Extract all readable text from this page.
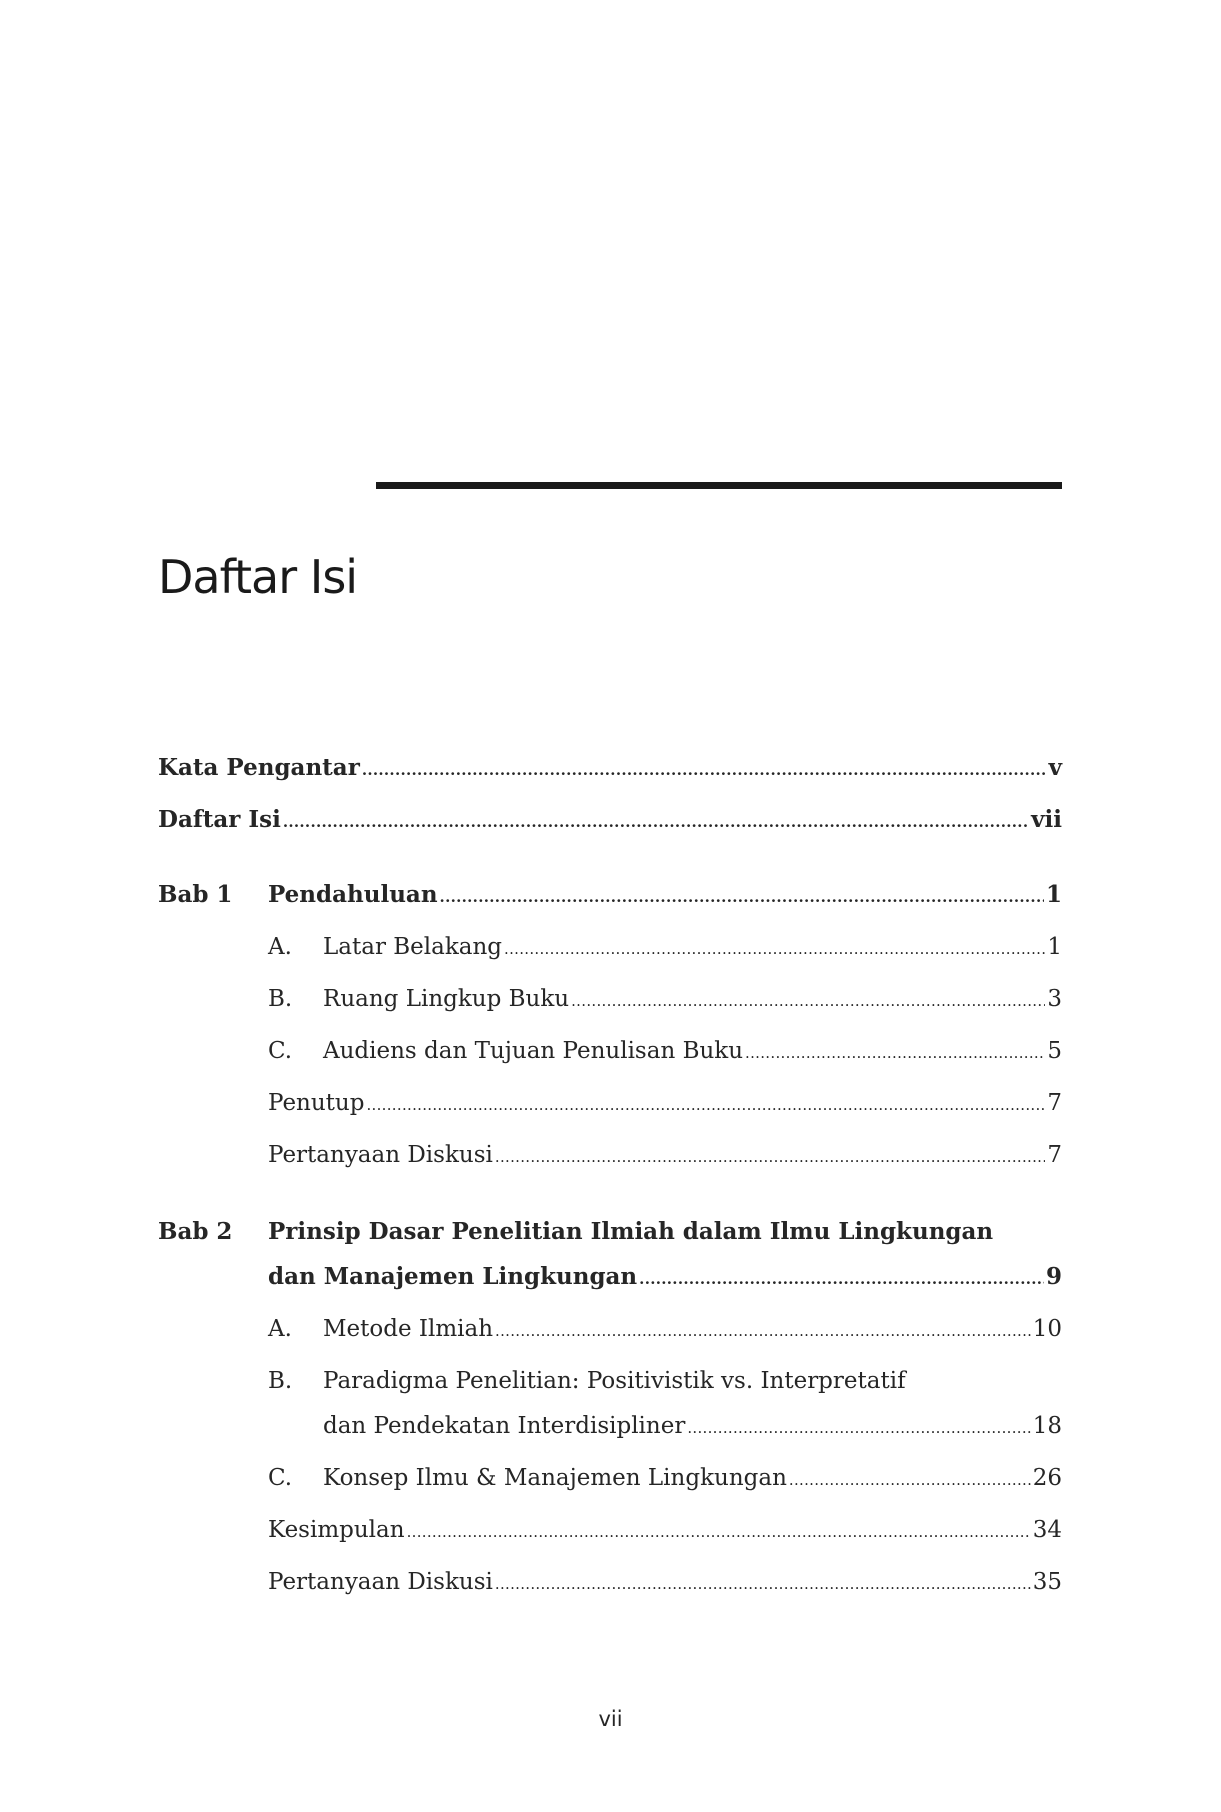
Daftar Isi
Kata Pengantar .....	v
Daftar Isi .....	vii
Bab 1 Pendahuluan .....	1
A.	Latar Belakang .....	1
B.	Ruang Lingkup Buku .....	3
C.	Audiens dan Tujuan Penulisan Buku .....	5
Penutup .....	7
Pertanyaan Diskusi .....	7
Bab 2 Prinsip Dasar Penelitian Ilmiah dalam Ilmu Lingkungan
dan Manajemen Lingkungan .....	9
A.	Metode Ilmiah .....	10
B. Paradigma Penelitian: Positivistik vs. Interpretatif
dan Pendekatan Interdisipliner .....	18
C.	Konsep Ilmu & Manajemen Lingkungan .....	26
Kesimpulan .....	34
Pertanyaan Diskusi .....	35
vii
